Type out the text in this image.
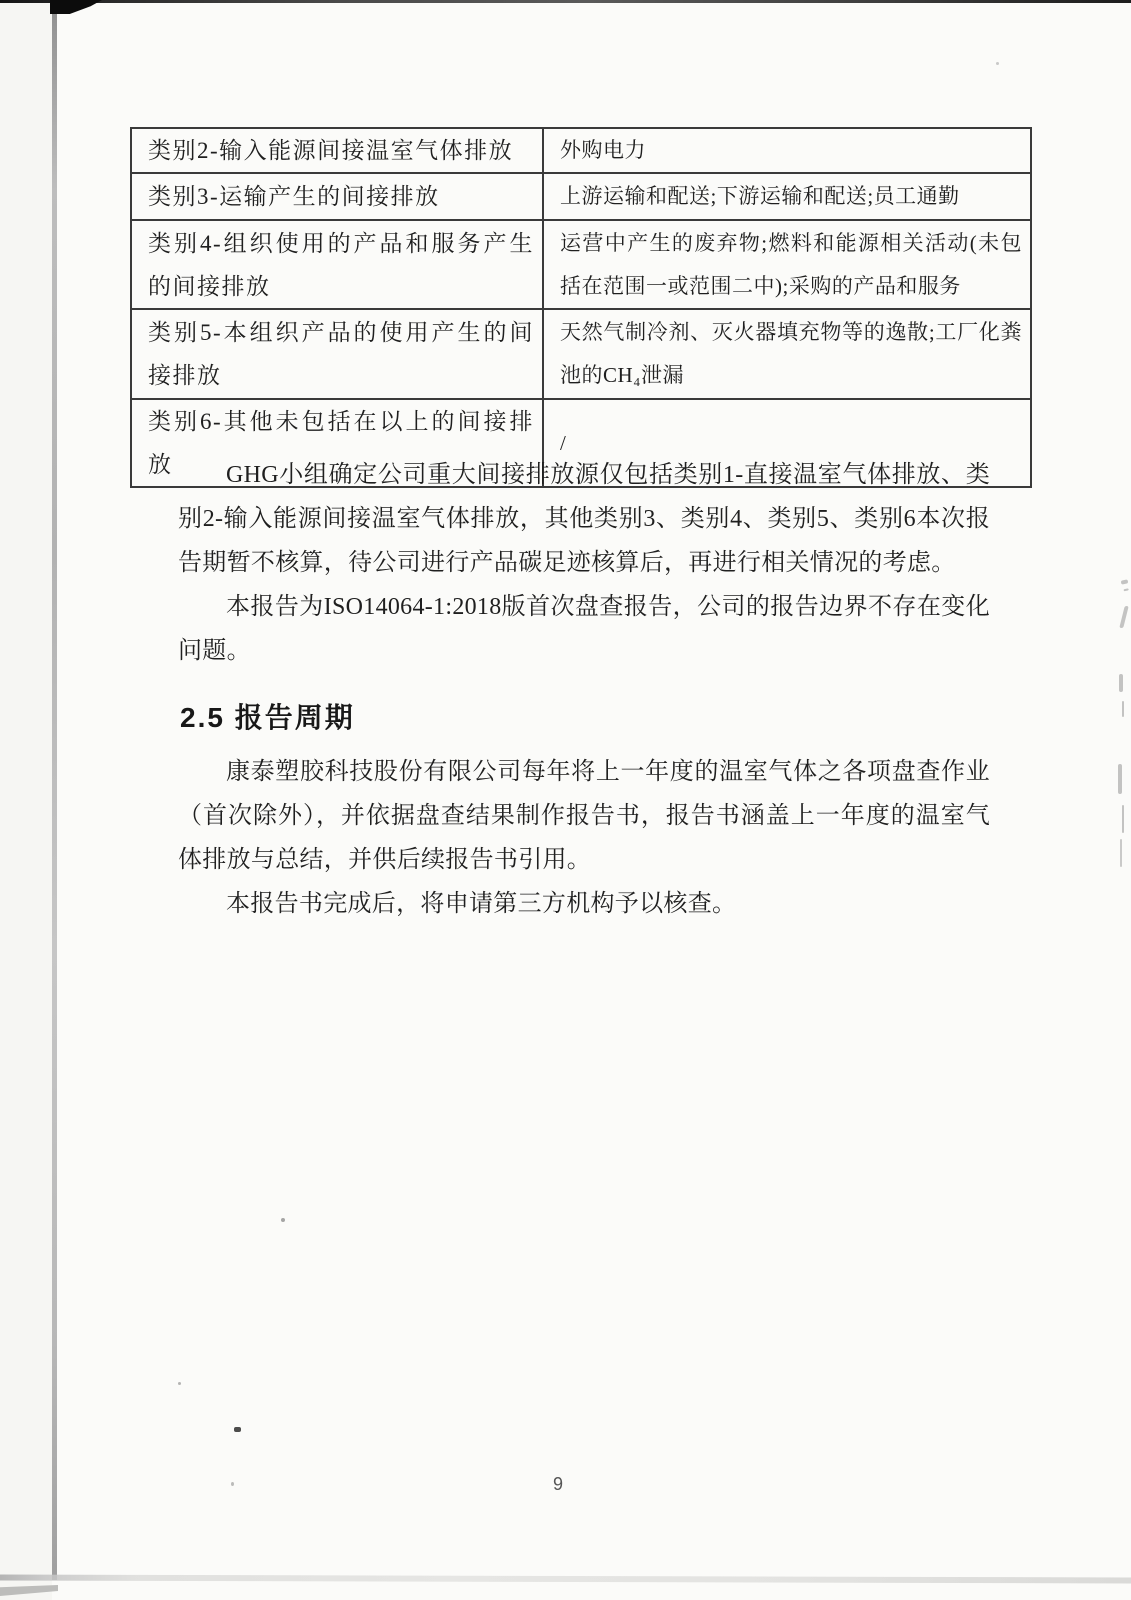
类别2-输入能源间接温室气体排放	外购电力
类别3-运输产生的间接排放	上游运输和配送;下游运输和配送;员工通勤
类别4-组织使用的产品和服务产生的间接排放	运营中产生的废弃物;燃料和能源相关活动(未包括在范围一或范围二中);采购的产品和服务
类别5-本组织产品的使用产生的间接排放	天然气制冷剂、灭火器填充物等的逸散;工厂化粪池的CH₄泄漏
类别6-其他未包括在以上的间接排放	/

GHG小组确定公司重大间接排放源仅包括类别1-直接温室气体排放、类别2-输入能源间接温室气体排放，其他类别3、类别4、类别5、类别6本次报告期暂不核算，待公司进行产品碳足迹核算后，再进行相关情况的考虑。

本报告为ISO14064-1:2018版首次盘查报告，公司的报告边界不存在变化问题。

2.5 报告周期

康泰塑胶科技股份有限公司每年将上一年度的温室气体之各项盘查作业（首次除外），并依据盘查结果制作报告书，报告书涵盖上一年度的温室气体排放与总结，并供后续报告书引用。

本报告书完成后，将申请第三方机构予以核查。

9
